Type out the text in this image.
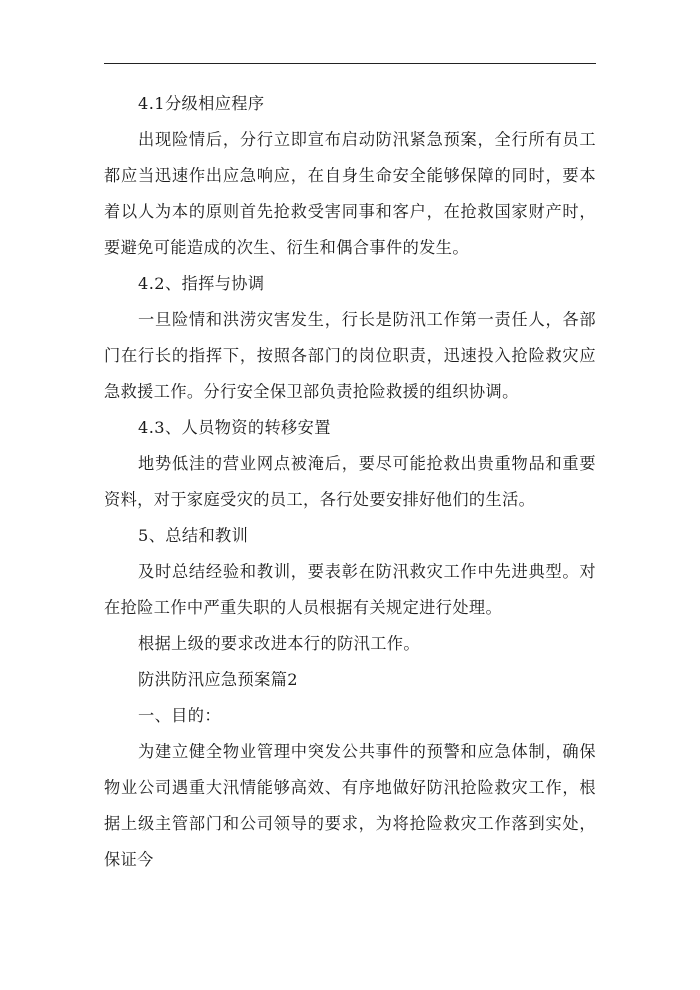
4.1分级相应程序

出现险情后，分行立即宣布启动防汛紧急预案，全行所有员工都应当迅速作出应急响应，在自身生命安全能够保障的同时，要本着以人为本的原则首先抢救受害同事和客户，在抢救国家财产时，要避免可能造成的次生、衍生和偶合事件的发生。

4.2、指挥与协调

一旦险情和洪涝灾害发生，行长是防汛工作第一责任人，各部门在行长的指挥下，按照各部门的岗位职责，迅速投入抢险救灾应急救援工作。分行安全保卫部负责抢险救援的组织协调。

4.3、人员物资的转移安置

地势低洼的营业网点被淹后，要尽可能抢救出贵重物品和重要资料，对于家庭受灾的员工，各行处要安排好他们的生活。

5、总结和教训

及时总结经验和教训，要表彰在防汛救灾工作中先进典型。对在抢险工作中严重失职的人员根据有关规定进行处理。

根据上级的要求改进本行的防汛工作。

防洪防汛应急预案篇2

一、目的：

为建立健全物业管理中突发公共事件的预警和应急体制，确保物业公司遇重大汛情能够高效、有序地做好防汛抢险救灾工作，根据上级主管部门和公司领导的要求，为将抢险救灾工作落到实处，保证今
